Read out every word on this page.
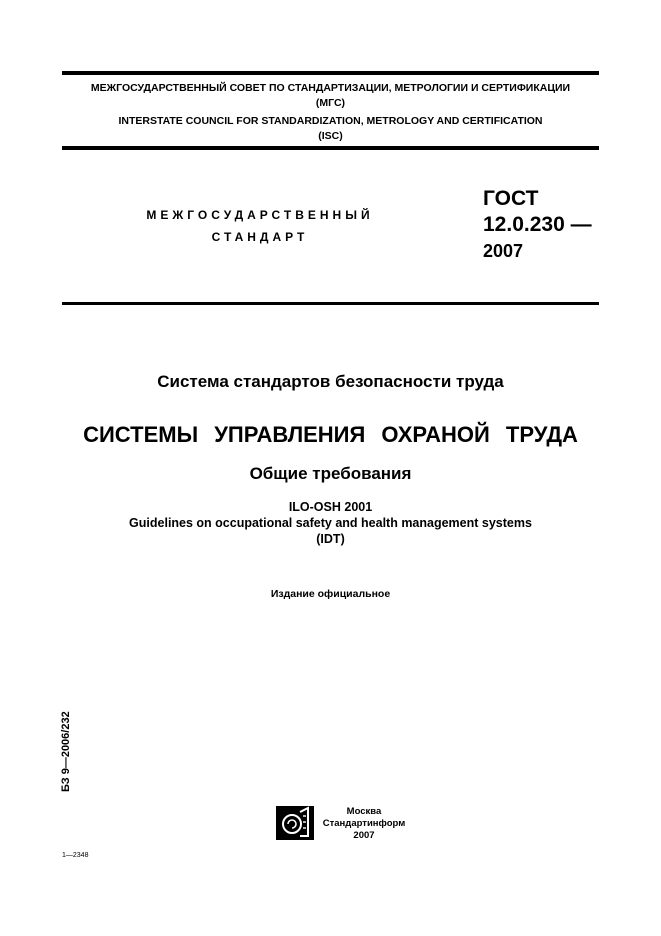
МЕЖГОСУДАРСТВЕННЫЙ СОВЕТ ПО СТАНДАРТИЗАЦИИ, МЕТРОЛОГИИ И СЕРТИФИКАЦИИ
(МГС)
INTERSTATE COUNCIL FOR STANDARDIZATION, METROLOGY AND CERTIFICATION
(ISC)
МЕЖГОСУДАРСТВЕННЫЙ
СТАНДАРТ
ГОСТ
12.0.230 —
2007
Система стандартов безопасности труда
СИСТЕМЫ УПРАВЛЕНИЯ ОХРАНОЙ ТРУДА
Общие требования
ILO-OSH 2001
Guidelines on occupational safety and health management systems
(IDT)
Издание официальное
БЗ 9—2006/232
Москва
Стандартинформ
2007
1—2348
